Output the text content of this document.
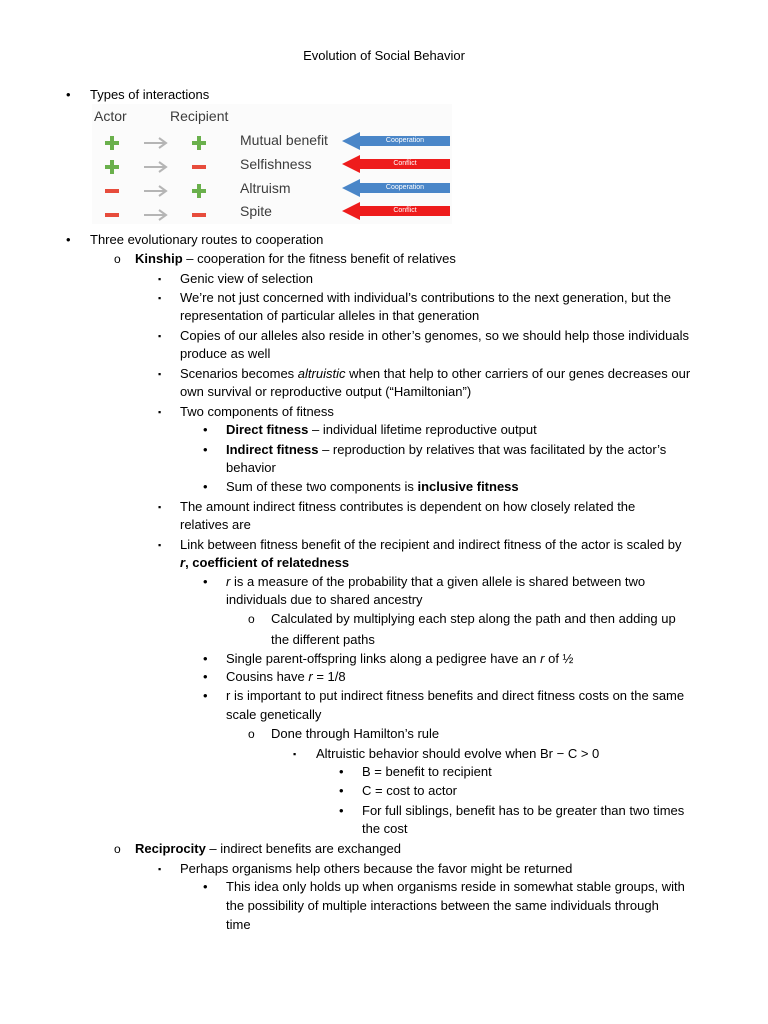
Evolution of Social Behavior
• Types of interactions
Actor	Recipient
Mutual benefit	Cooperation
Selfishness	Conflict
Altruism	Cooperation
Spite	Conflict
• Three evolutionary routes to cooperation
o Kinship – cooperation for the fitness benefit of relatives
▪ Genic view of selection
▪ We’re not just concerned with individual’s contributions to the next generation, but the
representation of particular alleles in that generation
▪ Copies of our alleles also reside in other’s genomes, so we should help those individuals
produce as well
▪ Scenarios becomes altruistic when that help to other carriers of our genes decreases our
own survival or reproductive output (“Hamiltonian”)
▪ Two components of fitness
• Direct fitness – individual lifetime reproductive output
• Indirect fitness – reproduction by relatives that was facilitated by the actor’s
behavior
• Sum of these two components is inclusive fitness
▪ The amount indirect fitness contributes is dependent on how closely related the
relatives are
▪ Link between fitness benefit of the recipient and indirect fitness of the actor is scaled by
r, coefficient of relatedness
• r is a measure of the probability that a given allele is shared between two
individuals due to shared ancestry
o Calculated by multiplying each step along the path and then adding up
the different paths
• Single parent-offspring links along a pedigree have an r of ½
• Cousins have r = 1/8
• r is important to put indirect fitness benefits and direct fitness costs on the same
scale genetically
o Done through Hamilton’s rule
▪ Altruistic behavior should evolve when Br − C > 0
• B = benefit to recipient
• C = cost to actor
• For full siblings, benefit has to be greater than two times
the cost
o Reciprocity – indirect benefits are exchanged
▪ Perhaps organisms help others because the favor might be returned
• This idea only holds up when organisms reside in somewhat stable groups, with
the possibility of multiple interactions between the same individuals through
time
